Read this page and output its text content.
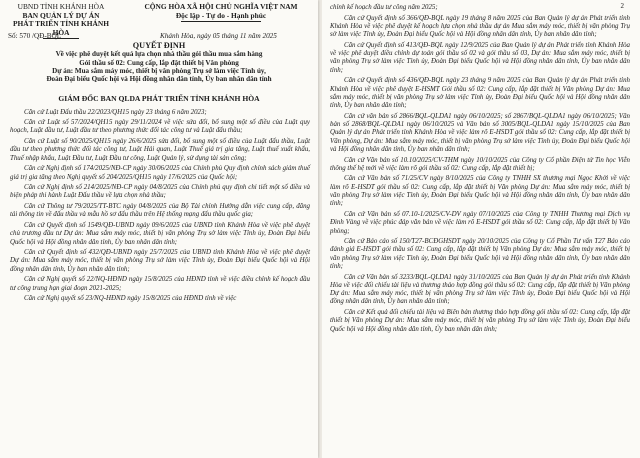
UBND TỈNH KHÁNH HÒA
BAN QUẢN LÝ DỰ ÁN
PHÁT TRIỂN TỈNH KHÁNH HÒA
CỘNG HÒA XÃ HỘI CHỦ NGHĨA VIỆT NAM
Độc lập - Tự do - Hạnh phúc
Số: 570 /QĐ-BQL	Khánh Hòa, ngày 05 tháng 11 năm 2025
QUYẾT ĐỊNH
Về việc phê duyệt kết quả lựa chọn nhà thầu gói thầu mua sắm hàng
Gói thầu số 02: Cung cấp, lắp đặt thiết bị Văn phòng
Dự án: Mua sắm máy móc, thiết bị văn phòng Trụ sở làm việc Tỉnh ủy,
Đoàn Đại biểu Quốc hội và Hội đồng nhân dân tỉnh, Ủy ban nhân dân tỉnh
GIÁM ĐỐC BAN QLDA PHÁT TRIỂN TỈNH KHÁNH HÒA

Căn cứ Luật Đấu thầu 22/2023/QH15 ngày 23 tháng 6 năm 2023;

Căn cứ Luật số 57/2024/QH15 ngày 29/11/2024 về việc sửa đổi, bổ sung một số điều của Luật quy hoạch, Luật đầu tư, Luật đầu tư theo phương thức đối tác công tư và Luật đấu thầu;

Căn cứ Luật số 90/2025/QH15 ngày 26/6/2025 sửa đổi, bổ sung một số điều của Luật đấu thầu, Luật đầu tư theo phương thức đối tác công tư, Luật Hải quan, Luật Thuế giá trị gia tăng, Luật thuế xuất khẩu, Thuế nhập khẩu, Luật Đầu tư, Luật Đầu tư công, Luật Quản lý, sử dụng tài sản công;

Căn cứ Nghị định số 174/2025/NĐ-CP ngày 30/06/2025 của Chính phủ Quy định chính sách giảm thuế giá trị gia tăng theo Nghị quyết số 204/2025/QH15 ngày 17/6/2025 của Quốc hội;

Căn cứ Nghị định số 214/2025/NĐ-CP ngày 04/8/2025 của Chính phủ quy định chi tiết một số điều và biện pháp thi hành Luật Đấu thầu về lựa chọn nhà thầu;

Căn cứ Thông tư 79/2025/TT-BTC ngày 04/8/2025 của Bộ Tài chính Hướng dẫn việc cung cấp, đăng tải thông tin về đấu thầu và mẫu hồ sơ đấu thầu trên Hệ thống mạng đấu thầu quốc gia;

Căn cứ Quyết định số 1549/QĐ-UBND ngày 09/6/2025 của UBND tỉnh Khánh Hòa về việc phê duyệt chủ trương đầu tư Dự án: Mua sắm máy móc, thiết bị văn phòng Trụ sở làm việc Tỉnh ủy, Đoàn Đại biểu Quốc hội và Hội đồng nhân dân tỉnh, Ủy ban nhân dân tỉnh;

Căn cứ Quyết định số 432/QĐ-UBND ngày 25/7/2025 của UBND tỉnh Khánh Hòa về việc phê duyệt Dự án: Mua sắm máy móc, thiết bị văn phòng Trụ sở làm việc Tỉnh ủy, Đoàn Đại biểu Quốc hội và Hội đồng nhân dân tỉnh, Ủy ban nhân dân tỉnh;

Căn cứ Nghị quyết số 22/NQ-HĐND ngày 15/8/2025 của HĐND tỉnh về việc điều chỉnh kế hoạch đầu tư công trung hạn giai đoạn 2021-2025;

Căn cứ Nghị quyết số 23/NQ-HĐND ngày 15/8/2025 của HĐND tỉnh về việc

2

chỉnh kế hoạch đầu tư công năm 2025;

Căn cứ Quyết định số 366/QĐ-BQL ngày 19 tháng 8 năm 2025 của Ban Quản lý dự án Phát triển tỉnh Khánh Hòa về việc phê duyệt kế hoạch lựa chọn nhà thầu dự án Mua sắm máy móc, thiết bị văn phòng Trụ sở làm việc Tỉnh ủy, Đoàn Đại biểu Quốc hội và Hội đồng nhân dân tỉnh, Ủy ban nhân dân tỉnh;

Căn cứ Quyết định số 413/QĐ-BQL ngày 12/9/2025 của Ban Quản lý dự án Phát triển tỉnh Khánh Hòa về việc phê duyệt điều chỉnh dự toán gói thầu số 02 và gói thầu số 03, Dự án: Mua sắm máy móc, thiết bị văn phòng Trụ sở làm việc Tỉnh ủy, Đoàn Đại biểu Quốc hội và Hội đồng nhân dân tỉnh, Ủy ban nhân dân tỉnh;

Căn cứ Quyết định số 436/QĐ-BQL ngày 23 tháng 9 năm 2025 của Ban Quản lý dự án Phát triển tỉnh Khánh Hòa về việc phê duyệt E-HSMT Gói thầu số 02: Cung cấp, lắp đặt thiết bị Văn phòng Dự án: Mua sắm máy móc, thiết bị văn phòng Trụ sở làm việc Tỉnh ủy, Đoàn Đại biểu Quốc hội và Hội đồng nhân dân tỉnh, Ủy ban nhân dân tỉnh;

Căn cứ văn bản số 2866/BQL-QLDA1 ngày 06/10/2025; số 2867/BQL-QLDA1 ngày 06/10/2025; Văn bản số 2868/BQL-QLDA1 ngày 06/10/2025 và Văn bản số 3005/BQL-QLDA1 ngày 15/10/2025 của Ban Quản lý dự án Phát triển tỉnh Khánh Hòa về việc làm rõ E-HSDT gói thầu số 02: Cung cấp, lắp đặt thiết bị Văn phòng, Dự án: Mua sắm máy móc, thiết bị văn phòng Trụ sở làm việc Tỉnh ủy, Đoàn Đại biểu Quốc hội và Hội đồng nhân dân tỉnh, Ủy ban nhân dân tỉnh;

Căn cứ Văn bản số 10.10/2025/CV-THM ngày 10/10/2025 của Công ty Cổ phần Điện tử Tin học Viễn thông thế hệ mới về việc làm rõ gói thầu số 02: Cung cấp, lắp đặt thiết bị;

Căn cứ Văn bản số 71/25/CV ngày 8/10/2025 của Công ty TNHH SX thương mại Ngọc Khởi về việc làm rõ E-HSDT gói thầu số 02: Cung cấp, lắp đặt thiết bị Văn phòng Dự án: Mua sắm máy móc, thiết bị văn phòng Trụ sở làm việc Tỉnh ủy, Đoàn Đại biểu Quốc hội và Hội đồng nhân dân tỉnh, Ủy ban nhân dân tỉnh;

Căn cứ Văn bản số 07.10-1/2025/CV-DV ngày 07/10/2025 của Công ty TNHH Thương mại Dịch vụ Đình Vàng về việc phúc đáp văn bản về việc làm rõ E-HSDT gói thầu số 02: Cung cấp, lắp đặt thiết bị Văn phòng;

Căn cứ Báo cáo số 150/T27-BCĐGHSDT ngày 20/10/2025 của Công ty Cổ Phần Tư vấn T27 Báo cáo đánh giá E-HSDT gói thầu số 02: Cung cấp, lắp đặt thiết bị Văn phòng Dự án: Mua sắm máy móc, thiết bị văn phòng Trụ sở làm việc Tỉnh ủy, Đoàn Đại biểu Quốc hội và Hội đồng nhân dân tỉnh, Ủy ban nhân dân tỉnh;

Căn cứ Văn bản số 3233/BQL-QLDA1 ngày 31/10/2025 của Ban Quản lý dự án Phát triển tỉnh Khánh Hòa về việc đối chiếu tài liệu và thương thảo hợp đồng gói thầu số 02: Cung cấp, lắp đặt thiết bị Văn phòng Dự án: Mua sắm máy móc, thiết bị văn phòng Trụ sở làm việc Tỉnh ủy, Đoàn Đại biểu Quốc hội và Hội đồng nhân dân tỉnh, Ủy ban nhân dân tỉnh;

Căn cứ Kết quả đối chiếu tài liệu và Biên bản thương thảo hợp đồng gói thầu số 02: Cung cấp, lắp đặt thiết bị Văn phòng Dự án: Mua sắm máy móc, thiết bị văn phòng Trụ sở làm việc Tỉnh ủy, Đoàn Đại biểu Quốc hội và Hội đồng nhân dân tỉnh, Ủy ban nhân dân tỉnh;
